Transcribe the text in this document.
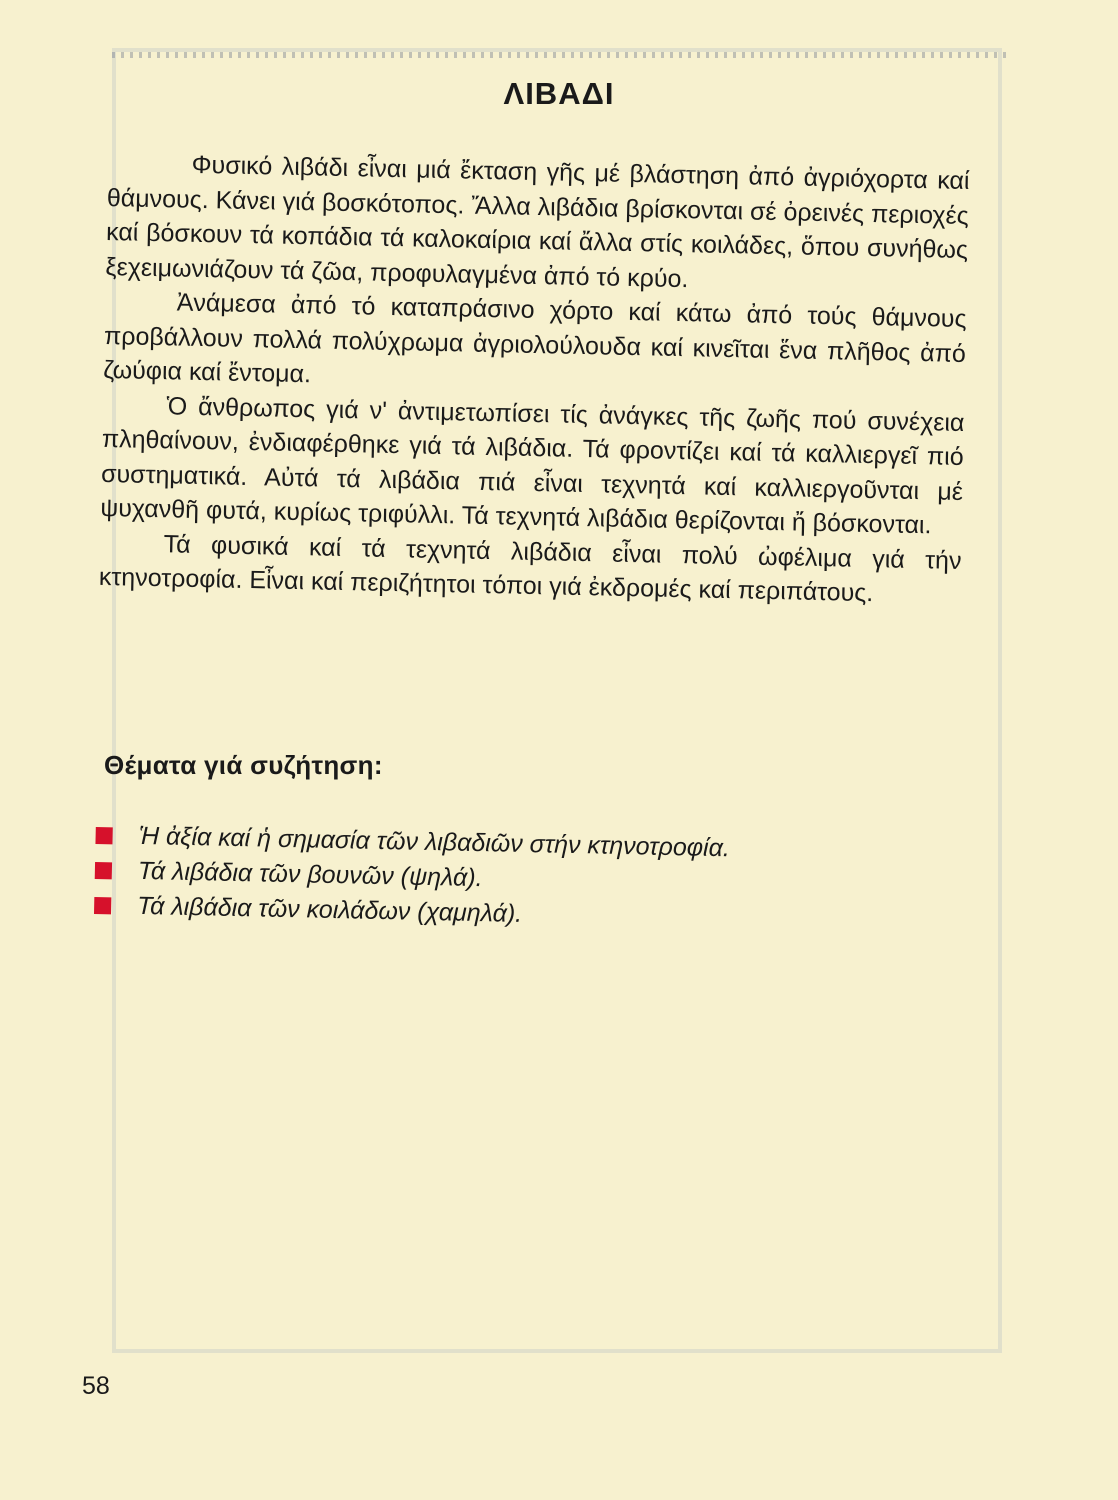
ΛΙΒΑΔΙ

Φυσικό λιβάδι εἶναι μιά ἔκταση γῆς μέ βλάστηση ἀπό ἀγριόχορτα καί θάμνους. Κάνει γιά βοσκότοπος. Ἄλλα λιβάδια βρίσκονται σέ ὀρεινές περιοχές καί βόσκουν τά κοπάδια τά καλοκαίρια καί ἄλλα στίς κοιλάδες, ὅπου συνήθως ξεχειμωνιάζουν τά ζῶα, προφυλαγμένα ἀπό τό κρύο.

Ἀνάμεσα ἀπό τό καταπράσινο χόρτο καί κάτω ἀπό τούς θάμνους προβάλλουν πολλά πολύχρωμα ἀγριολούλουδα καί κινεῖται ἕνα πλῆθος ἀπό ζωύφια καί ἔντομα.

Ὁ ἄνθρωπος γιά ν' ἀντιμετωπίσει τίς ἀνάγκες τῆς ζωῆς πού συνέχεια πληθαίνουν, ἐνδιαφέρθηκε γιά τά λιβάδια. Τά φροντίζει καί τά καλλιεργεῖ πιό συστηματικά. Αὐτά τά λιβάδια πιά εἶναι τεχνητά καί καλλιεργοῦνται μέ ψυχανθῆ φυτά, κυρίως τριφύλλι. Τά τεχνητά λιβάδια θερίζονται ἤ βόσκονται.

Τά φυσικά καί τά τεχνητά λιβάδια εἶναι πολύ ὠφέλιμα γιά τήν κτηνοτροφία. Εἶναι καί περιζήτητοι τόποι γιά ἐκδρομές καί περιπάτους.

Θέματα γιά συζήτηση:
Ἡ ἀξία καί ἡ σημασία τῶν λιβαδιῶν στήν κτηνοτροφία.
Τά λιβάδια τῶν βουνῶν (ψηλά).
Τά λιβάδια τῶν κοιλάδων (χαμηλά).
58
